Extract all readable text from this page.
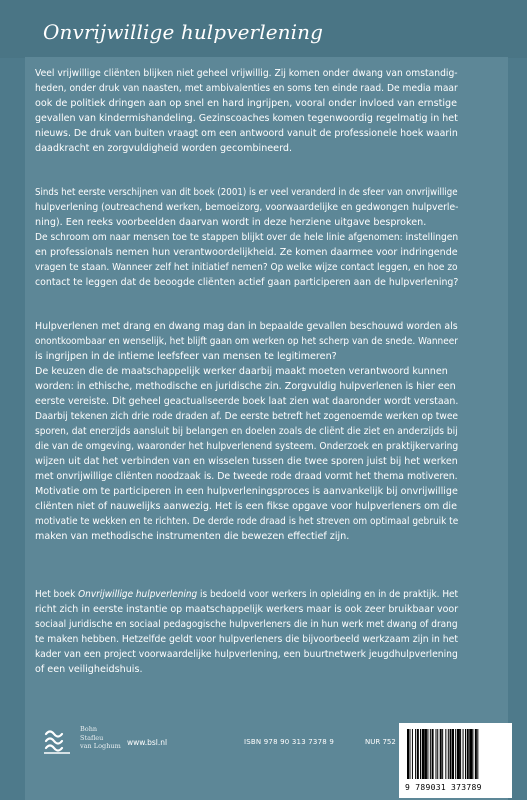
Onvrijwillige hulpverlening
Veel vrijwillige cliënten blijken niet geheel vrijwillig. Zij komen onder dwang van omstandig-
heden, onder druk van naasten, met ambivalenties en soms ten einde raad. De media maar
ook de politiek dringen aan op snel en hard ingrijpen, vooral onder invloed van ernstige
gevallen van kindermishandeling. Gezinscoaches komen tegenwoordig regelmatig in het
nieuws. De druk van buiten vraagt om een antwoord vanuit de professionele hoek waarin
daadkracht en zorgvuldigheid worden gecombineerd.
Sinds het eerste verschijnen van dit boek (2001) is er veel veranderd in de sfeer van onvrijwillige
hulpverlening (outreachend werken, bemoeizorg, voorwaardelijke en gedwongen hulpverle-
ning). Een reeks voorbeelden daarvan wordt in deze herziene uitgave besproken.
De schroom om naar mensen toe te stappen blijkt over de hele linie afgenomen: instellingen
en professionals nemen hun verantwoordelijkheid. Ze komen daarmee voor indringende
vragen te staan. Wanneer zelf het initiatief nemen? Op welke wijze contact leggen, en hoe zo
contact te leggen dat de beoogde cliënten actief gaan participeren aan de hulpverlening?
Hulpverlenen met drang en dwang mag dan in bepaalde gevallen beschouwd worden als
onontkoombaar en wenselijk, het blijft gaan om werken op het scherp van de snede. Wanneer
is ingrijpen in de intieme leefsfeer van mensen te legitimeren?
De keuzen die de maatschappelijk werker daarbij maakt moeten verantwoord kunnen
worden: in ethische, methodische en juridische zin. Zorgvuldig hulpverlenen is hier een
eerste vereiste. Dit geheel geactualiseerde boek laat zien wat daaronder wordt verstaan.
Daarbij tekenen zich drie rode draden af. De eerste betreft het zogenoemde werken op twee
sporen, dat enerzijds aansluit bij belangen en doelen zoals de cliënt die ziet en anderzijds bij
die van de omgeving, waaronder het hulpverlenend systeem. Onderzoek en praktijkervaring
wijzen uit dat het verbinden van en wisselen tussen die twee sporen juist bij het werken
met onvrijwillige cliënten noodzaak is. De tweede rode draad vormt het thema motiveren.
Motivatie om te participeren in een hulpverleningsproces is aanvankelijk bij onvrijwillige
cliënten niet of nauwelijks aanwezig. Het is een fikse opgave voor hulpverleners om die
motivatie te wekken en te richten. De derde rode draad is het streven om optimaal gebruik te
maken van methodische instrumenten die bewezen effectief zijn.
Het boek Onvrijwillige hulpverlening is bedoeld voor werkers in opleiding en in de praktijk. Het
richt zich in eerste instantie op maatschappelijk werkers maar is ook zeer bruikbaar voor
sociaal juridische en sociaal pedagogische hulpverleners die in hun werk met dwang of drang
te maken hebben. Hetzelfde geldt voor hulpverleners die bijvoorbeeld werkzaam zijn in het
kader van een project voorwaardelijke hulpverlening, een buurtnetwerk jeugdhulpverlening
of een veiligheidshuis.
Bohn
Stafleu
van Loghum www.bsl.nl	ISBN 978 90 313 7378 9	NUR 752
9 789031 373789
